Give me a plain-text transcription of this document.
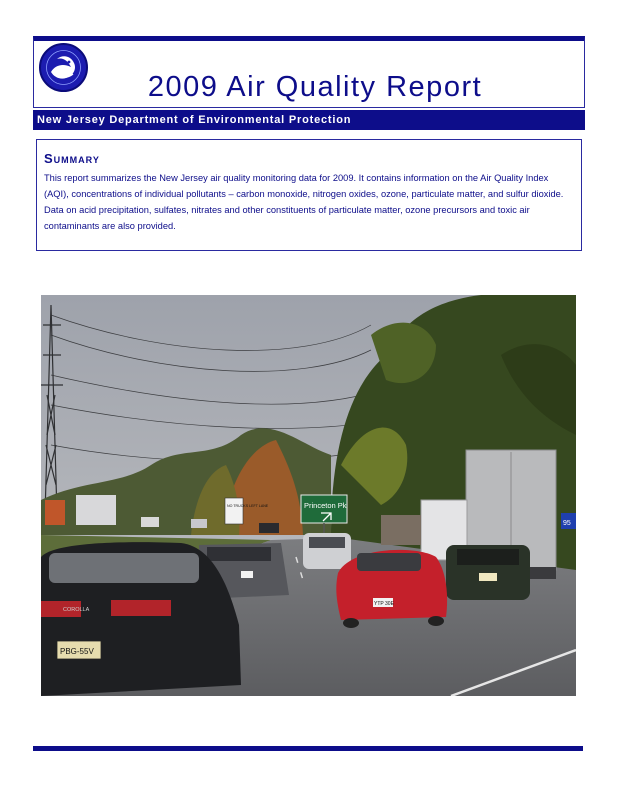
2009 Air Quality Report
New Jersey Department of Environmental Protection
Summary
This report summarizes the New Jersey air quality monitoring data for 2009. It contains information on the Air Quality Index (AQI), concentrations of individual pollutants – carbon monoxide, nitrogen oxides, ozone, particulate matter, and sulfur dioxide. Data on acid precipitation, sulfates, nitrates and other constituents of particulate matter, ozone precursors and toxic air contaminants are also provided.
Princeton Pk
NO TRUCKS LEFT LANE
95
YTP 30E
COROLLA
PBG-55V
